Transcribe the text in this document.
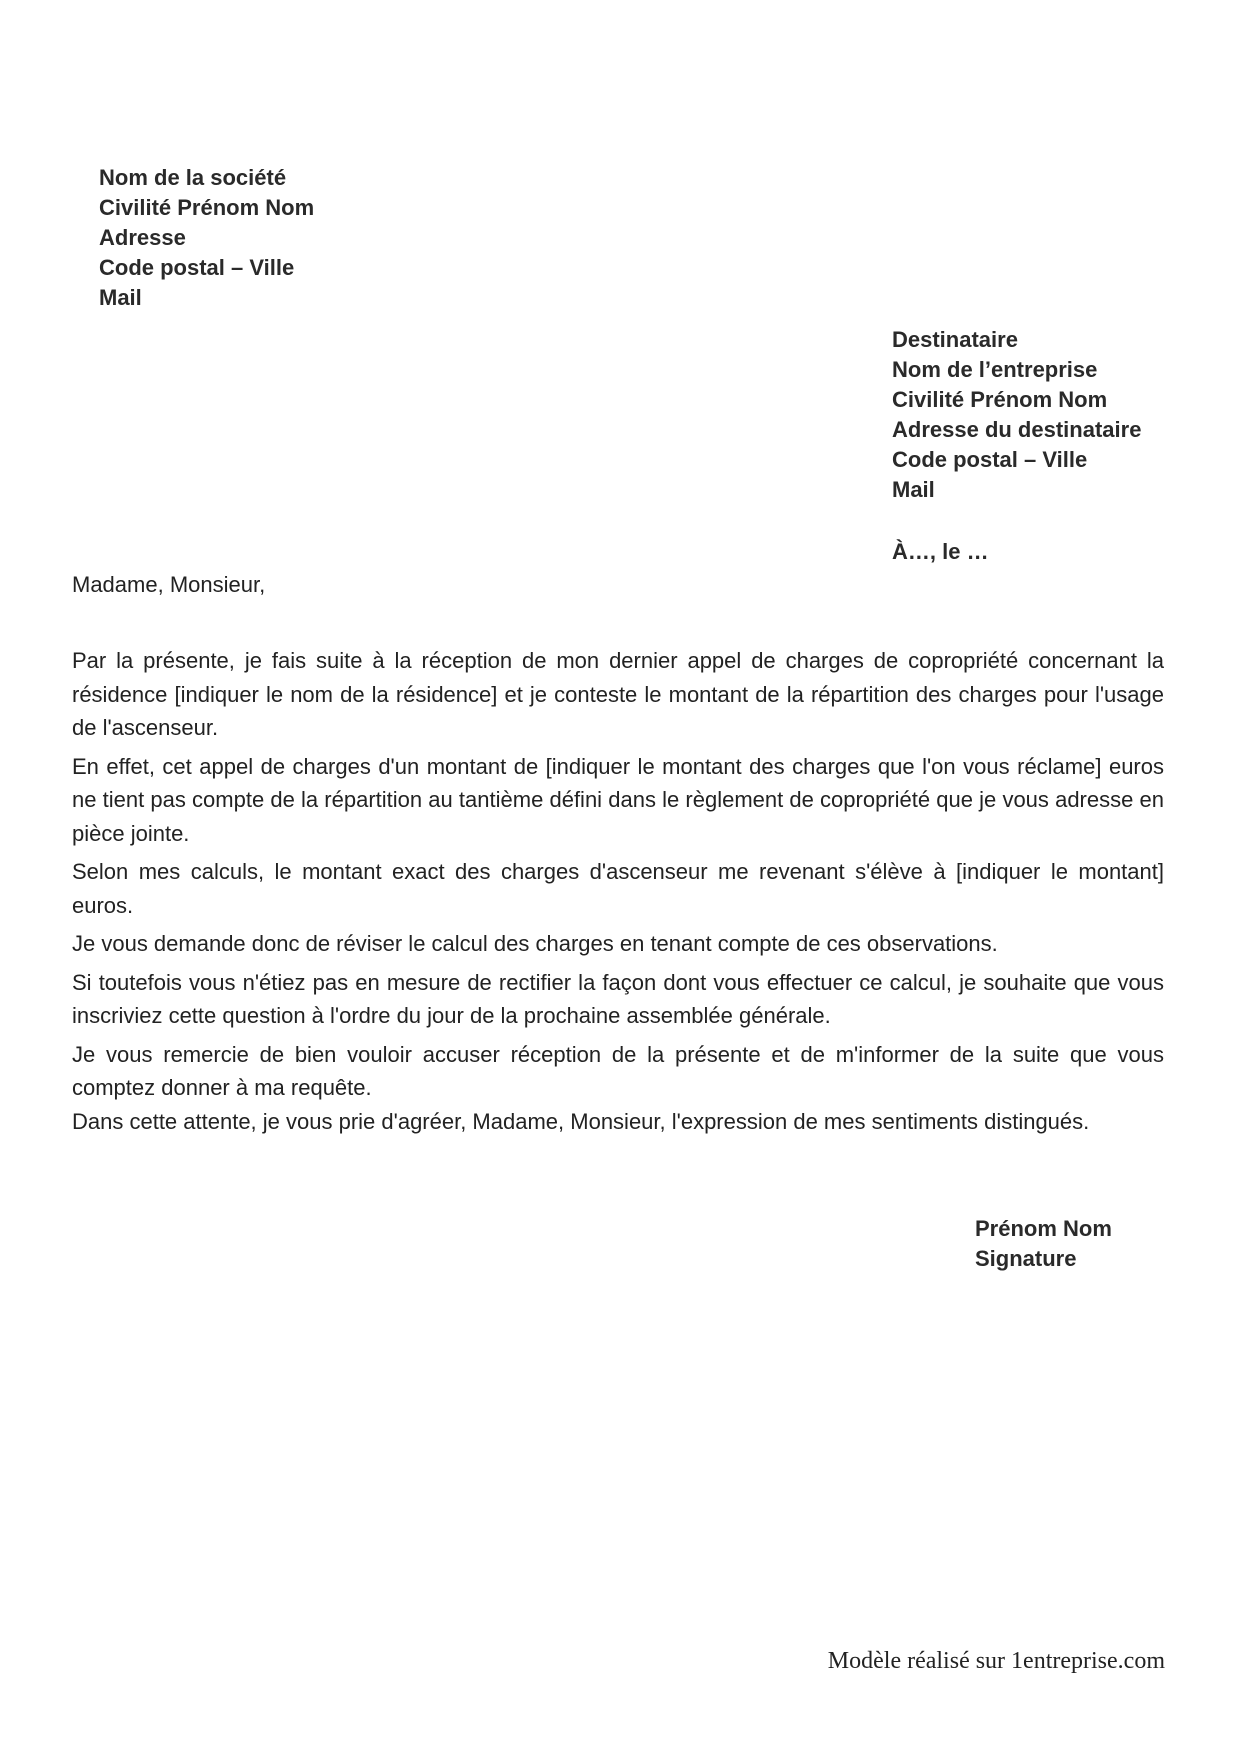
Nom de la société
Civilité Prénom Nom
Adresse
Code postal – Ville
Mail
Destinataire
Nom de l’entreprise
Civilité Prénom Nom
Adresse du destinataire
Code postal – Ville
Mail
À…, le …
Madame, Monsieur,

Par la présente, je fais suite à la réception de mon dernier appel de charges de copropriété concernant la résidence [indiquer le nom de la résidence] et je conteste le montant de la répartition des charges pour l'usage de l'ascenseur.

En effet, cet appel de charges d'un montant de [indiquer le montant des charges que l'on vous réclame] euros ne tient pas compte de la répartition au tantième défini dans le règlement de copropriété que je vous adresse en pièce jointe.

Selon mes calculs, le montant exact des charges d'ascenseur me revenant s'élève à [indiquer le montant] euros.

Je vous demande donc de réviser le calcul des charges en tenant compte de ces observations.

Si toutefois vous n'étiez pas en mesure de rectifier la façon dont vous effectuer ce calcul, je souhaite que vous inscriviez cette question à l'ordre du jour de la prochaine assemblée générale.

Je vous remercie de bien vouloir accuser réception de la présente et de m'informer de la suite que vous comptez donner à ma requête.

Dans cette attente, je vous prie d'agréer, Madame, Monsieur, l'expression de mes sentiments distingués.

Prénom Nom
Signature
Modèle réalisé sur 1entreprise.com
